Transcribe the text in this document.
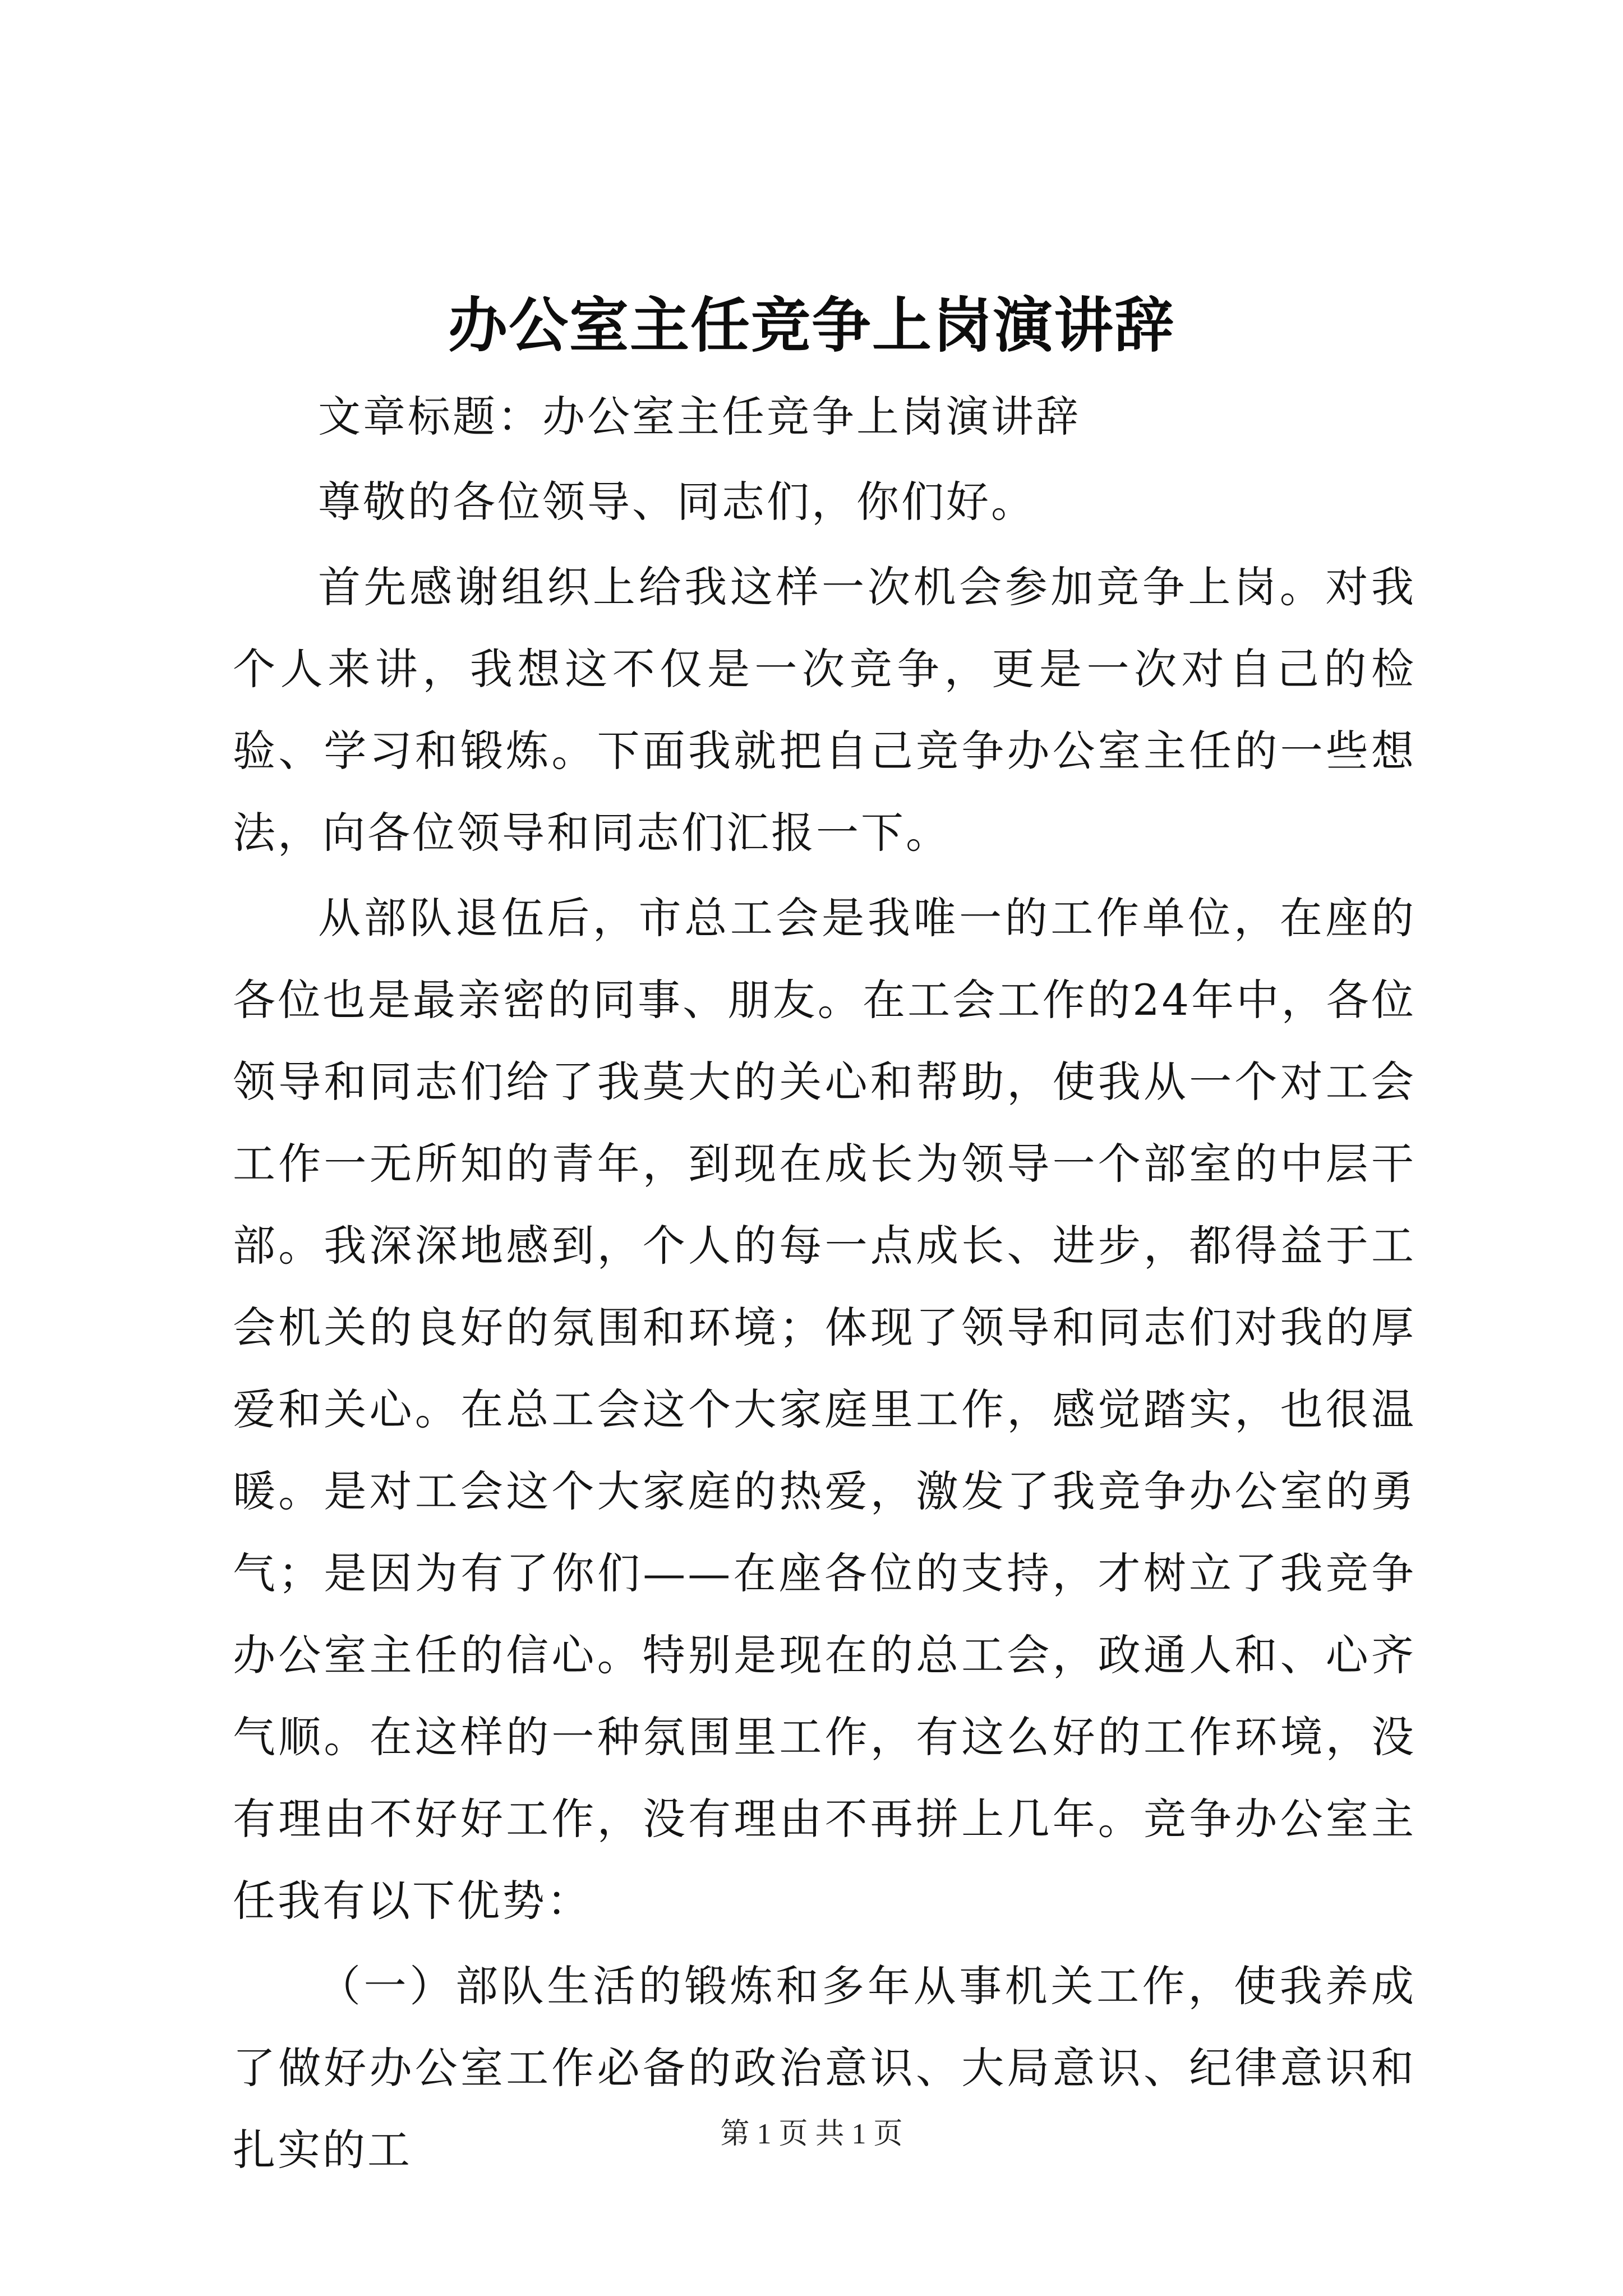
办公室主任竞争上岗演讲辞

文章标题：办公室主任竞争上岗演讲辞

尊敬的各位领导、同志们，你们好。

首先感谢组织上给我这样一次机会参加竞争上岗。对我个人来讲，我想这不仅是一次竞争，更是一次对自己的检验、学习和锻炼。下面我就把自己竞争办公室主任的一些想法，向各位领导和同志们汇报一下。

从部队退伍后，市总工会是我唯一的工作单位，在座的各位也是最亲密的同事、朋友。在工会工作的24年中，各位领导和同志们给了我莫大的关心和帮助，使我从一个对工会工作一无所知的青年，到现在成长为领导一个部室的中层干部。我深深地感到，个人的每一点成长、进步，都得益于工会机关的良好的氛围和环境；体现了领导和同志们对我的厚爱和关心。在总工会这个大家庭里工作，感觉踏实，也很温暖。是对工会这个大家庭的热爱，激发了我竞争办公室的勇气；是因为有了你们——在座各位的支持，才树立了我竞争办公室主任的信心。特别是现在的总工会，政通人和、心齐气顺。在这样的一种氛围里工作，有这么好的工作环境，没有理由不好好工作，没有理由不再拼上几年。竞争办公室主任我有以下优势：

（一）部队生活的锻炼和多年从事机关工作，使我养成了做好办公室工作必备的政治意识、大局意识、纪律意识和扎实的工	第 1 页 共 1 页
